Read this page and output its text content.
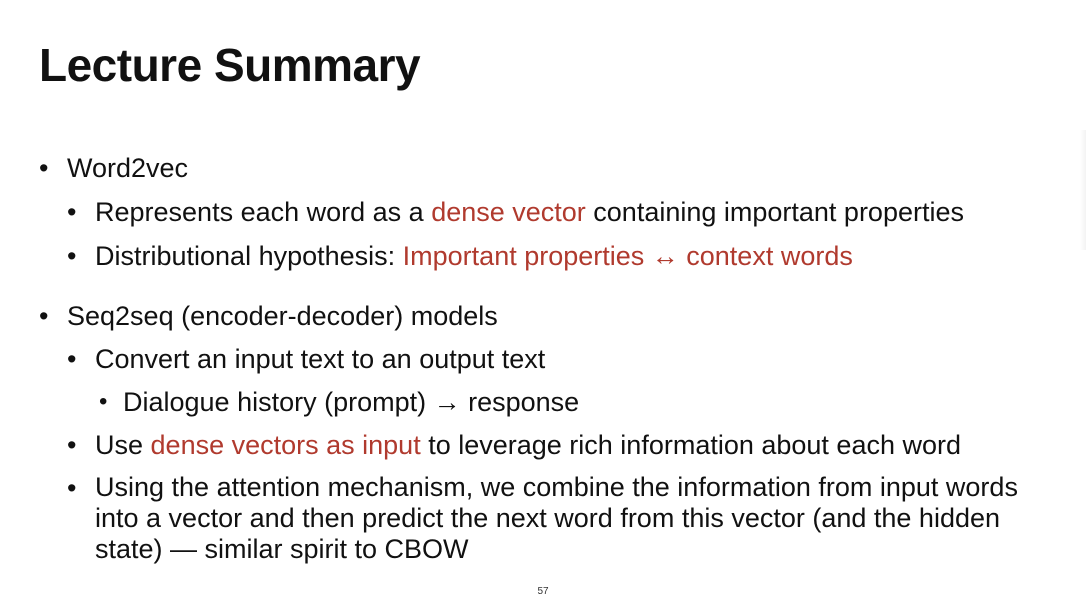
Lecture Summary
• Word2vec
• Represents each word as a dense vector containing important properties
• Distributional hypothesis: Important properties ↔ context words
• Seq2seq (encoder-decoder) models
• Convert an input text to an output text
• Dialogue history (prompt) → response
• Use dense vectors as input to leverage rich information about each word
• Using the attention mechanism, we combine the information from input words into a vector and then predict the next word from this vector (and the hidden state) — similar spirit to CBOW
57
